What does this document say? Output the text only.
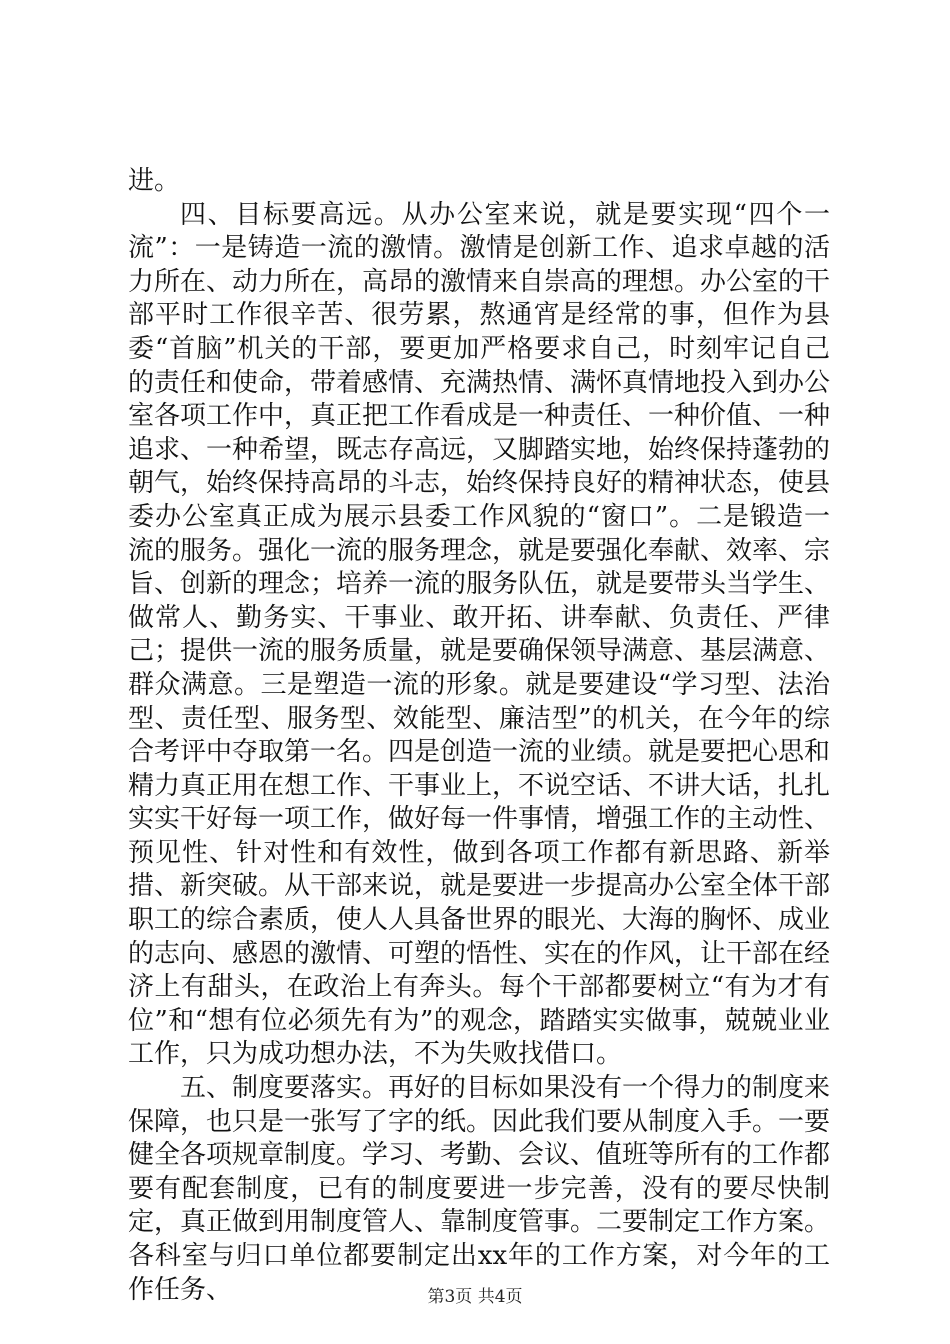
进。

四、目标要高远。从办公室来说，就是要实现“四个一流”：一是铸造一流的激情。激情是创新工作、追求卓越的活力所在、动力所在，高昂的激情来自崇高的理想。办公室的干部平时工作很辛苦、很劳累，熬通宵是经常的事，但作为县委“首脑”机关的干部，要更加严格要求自己，时刻牢记自己的责任和使命，带着感情、充满热情、满怀真情地投入到办公室各项工作中，真正把工作看成是一种责任、一种价值、一种追求、一种希望，既志存高远，又脚踏实地，始终保持蓬勃的朝气，始终保持高昂的斗志，始终保持良好的精神状态，使县委办公室真正成为展示县委工作风貌的“窗口”。二是锻造一流的服务。强化一流的服务理念，就是要强化奉献、效率、宗旨、创新的理念；培养一流的服务队伍，就是要带头当学生、做常人、勤务实、干事业、敢开拓、讲奉献、负责任、严律己；提供一流的服务质量，就是要确保领导满意、基层满意、群众满意。三是塑造一流的形象。就是要建设“学习型、法治型、责任型、服务型、效能型、廉洁型”的机关，在今年的综合考评中夺取第一名。四是创造一流的业绩。就是要把心思和精力真正用在想工作、干事业上，不说空话、不讲大话，扎扎实实干好每一项工作，做好每一件事情，增强工作的主动性、预见性、针对性和有效性，做到各项工作都有新思路、新举措、新突破。从干部来说，就是要进一步提高办公室全体干部职工的综合素质，使人人具备世界的眼光、大海的胸怀、成业的志向、感恩的激情、可塑的悟性、实在的作风，让干部在经济上有甜头，在政治上有奔头。每个干部都要树立“有为才有位”和“想有位必须先有为”的观念，踏踏实实做事，兢兢业业工作，只为成功想办法，不为失败找借口。

五、制度要落实。再好的目标如果没有一个得力的制度来保障，也只是一张写了字的纸。因此我们要从制度入手。一要健全各项规章制度。学习、考勤、会议、值班等所有的工作都要有配套制度，已有的制度要进一步完善，没有的要尽快制定，真正做到用制度管人、靠制度管事。二要制定工作方案。各科室与归口单位都要制定出xx年的工作方案，对今年的工作任务、	第3页 共4页
